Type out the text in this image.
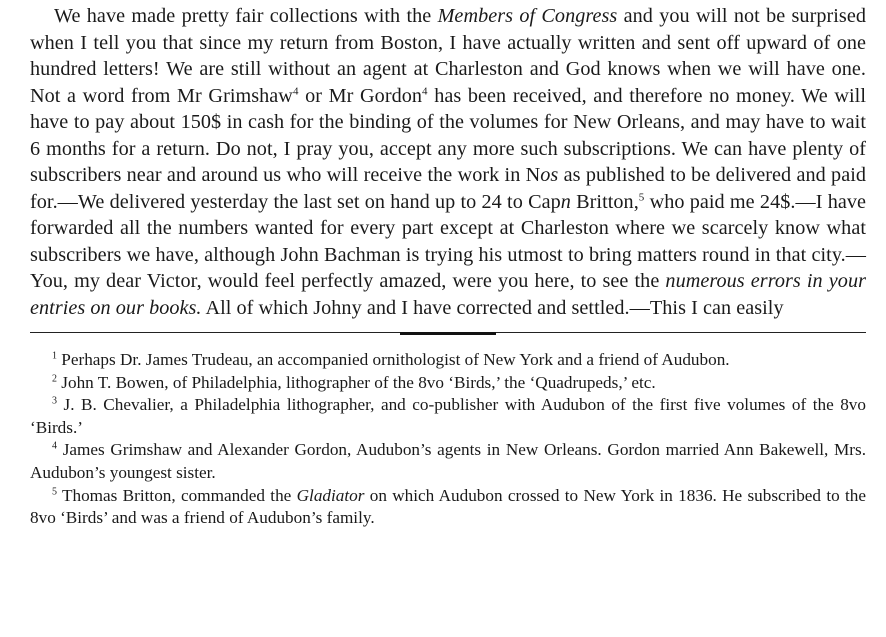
We have made pretty fair collections with the Members of Congress and you will not be surprised when I tell you that since my return from Boston, I have actually written and sent off upward of one hundred letters! We are still without an agent at Charleston and God knows when we will have one. Not a word from Mr Grimshaw$^4$ or Mr Gordon$^4$ has been received, and therefore no money. We will have to pay about 150$ in cash for the binding of the volumes for New Orleans, and may have to wait 6 months for a return. Do not, I pray you, accept any more such subscriptions. We can have plenty of subscribers near and around us who will receive the work in Nos as published to be delivered and paid for.—We delivered yesterday the last set on hand up to 24 to Capn Britton,$^5$ who paid me 24$.—I have forwarded all the numbers wanted for every part except at Charleston where we scarcely know what subscribers we have, although John Bachman is trying his utmost to bring matters round in that city.—You, my dear Victor, would feel perfectly amazed, were you here, to see the numerous errors in your entries on our books. All of which Johny and I have corrected and settled.—This I can easily

$^1$ Perhaps Dr. James Trudeau, an accompanied ornithologist of New York and a friend of Audubon.

$^2$ John T. Bowen, of Philadelphia, lithographer of the 8vo ‘Birds,’ the ‘Quadrupeds,’ etc.

$^3$ J. B. Chevalier, a Philadelphia lithographer, and co-publisher with Audubon of the first five volumes of the 8vo ‘Birds.’

$^4$ James Grimshaw and Alexander Gordon, Audubon’s agents in New Orleans. Gordon married Ann Bakewell, Mrs. Audubon’s youngest sister.

$^5$ Thomas Britton, commanded the Gladiator on which Audubon crossed to New York in 1836. He subscribed to the 8vo ‘Birds’ and was a friend of Audubon’s family.
